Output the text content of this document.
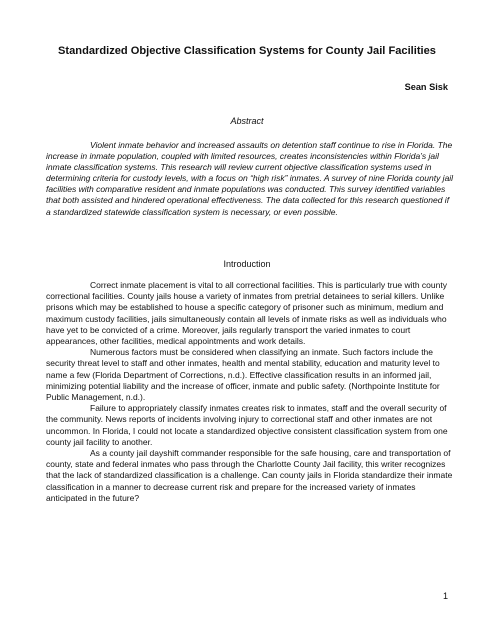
Standardized Objective Classification Systems for County Jail Facilities
Sean Sisk
Abstract

Violent inmate behavior and increased assaults on detention staff continue to rise in Florida. The increase in inmate population, coupled with limited resources, creates inconsistencies within Florida’s jail inmate classification systems. This research will review current objective classification systems used in determining criteria for custody levels, with a focus on “high risk” inmates. A survey of nine Florida county jail facilities with comparative resident and inmate populations was conducted. This survey identified variables that both assisted and hindered operational effectiveness. The data collected for this research questioned if a standardized statewide classification system is necessary, or even possible.

Introduction

Correct inmate placement is vital to all correctional facilities. This is particularly true with county correctional facilities. County jails house a variety of inmates from pretrial detainees to serial killers. Unlike prisons which may be established to house a specific category of prisoner such as minimum, medium and maximum custody facilities, jails simultaneously contain all levels of inmate risks as well as individuals who have yet to be convicted of a crime. Moreover, jails regularly transport the varied inmates to court appearances, other facilities, medical appointments and work details.

Numerous factors must be considered when classifying an inmate. Such factors include the security threat level to staff and other inmates, health and mental stability, education and maturity level to name a few (Florida Department of Corrections, n.d.). Effective classification results in an informed jail, minimizing potential liability and the increase of officer, inmate and public safety. (Northpointe Institute for Public Management, n.d.).

Failure to appropriately classify inmates creates risk to inmates, staff and the overall security of the community. News reports of incidents involving injury to correctional staff and other inmates are not uncommon. In Florida, I could not locate a standardized objective consistent classification system from one county jail facility to another.

As a county jail dayshift commander responsible for the safe housing, care and transportation of county, state and federal inmates who pass through the Charlotte County Jail facility, this writer recognizes that the lack of standardized classification is a challenge. Can county jails in Florida standardize their inmate classification in a manner to decrease current risk and prepare for the increased variety of inmates anticipated in the future?

1
